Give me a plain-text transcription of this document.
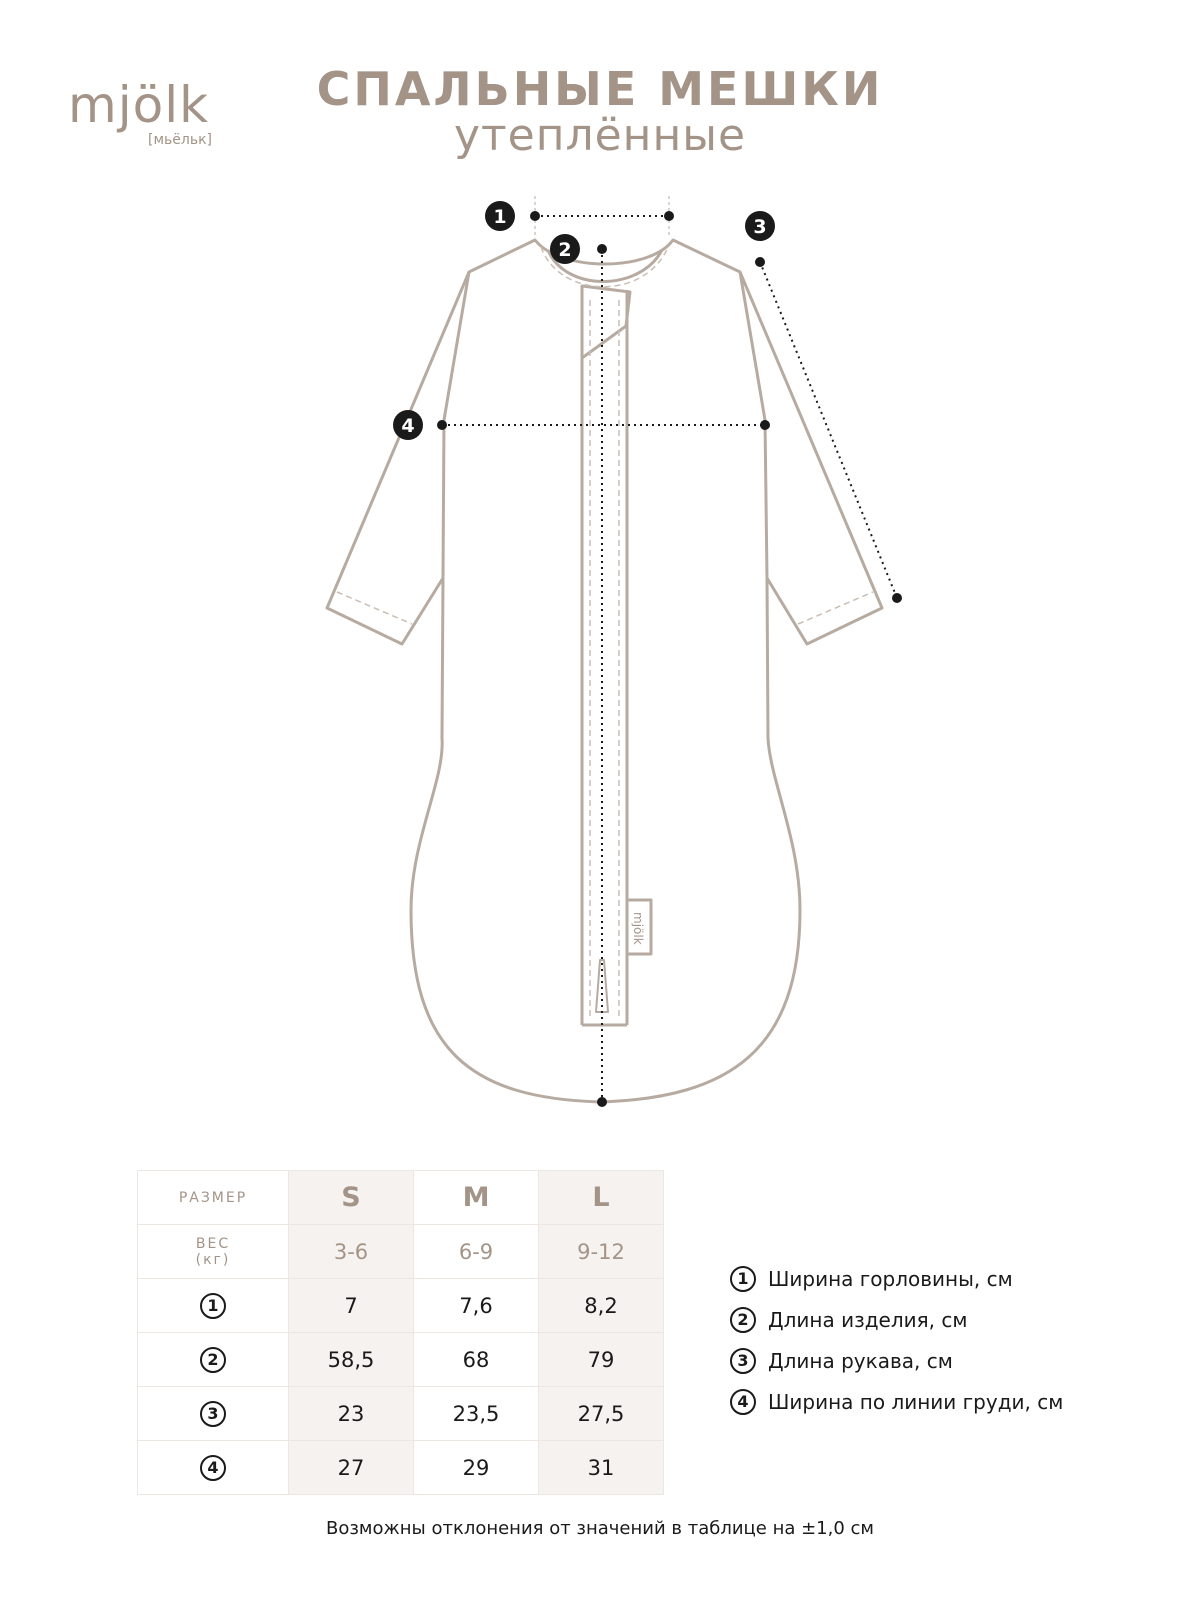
mjölk
[мьёльк]
СПАЛЬНЫЕ МЕШКИ
утеплённые
mjölk
1
2
3
4
РАЗМЕР	S	M	L

ВЕС
(кг)	3-6	6-9	9-12
1	7	7,6	8,2
2	58,5	68	79
3	23	23,5	27,5
4	27	29	31
1 Ширина горловины, см
2 Длина изделия, см
3 Длина рукава, см
4 Ширина по линии груди, см
Возможны отклонения от значений в таблице на ±1,0 см
